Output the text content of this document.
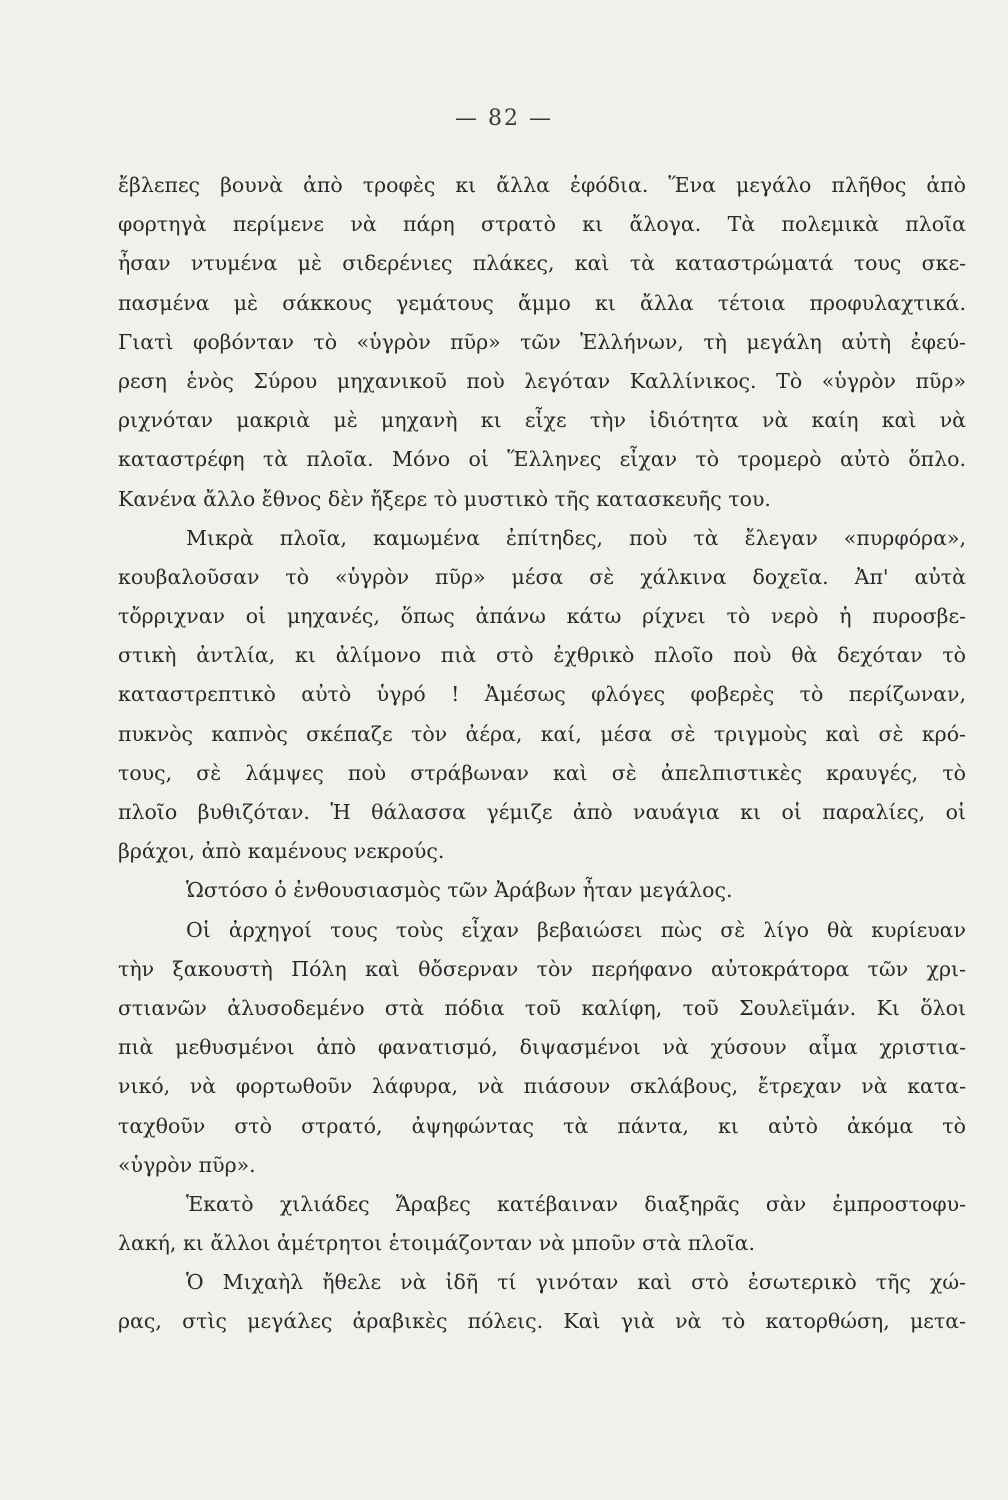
— 82 —
ἔβλεπες βουνὰ ἀπὸ τροφὲς κι ἄλλα ἐφόδια. Ἕνα μεγάλο πλῆθος ἀπὸ
φορτηγὰ περίμενε νὰ πάρη στρατὸ κι ἄλογα. Τὰ πολεμικὰ πλοῖα
ἦσαν ντυμένα μὲ σιδερένιες πλάκες, καὶ τὰ καταστρώματά τους σκε-
πασμένα μὲ σάκκους γεμάτους ἄμμο κι ἄλλα τέτοια προφυλαχτικά.
Γιατὶ φοβόνταν τὸ «ὑγρὸν πῦρ» τῶν Ἑλλήνων, τὴ μεγάλη αὐτὴ ἐφεύ-
ρεση ἑνὸς Σύρου μηχανικοῦ ποὺ λεγόταν Καλλίνικος. Τὸ «ὑγρὸν πῦρ»
ριχνόταν μακριὰ μὲ μηχανὴ κι εἶχε τὴν ἰδιότητα νὰ καίη καὶ νὰ
καταστρέφη τὰ πλοῖα. Μόνο οἱ Ἕλληνες εἶχαν τὸ τρομερὸ αὐτὸ ὅπλο.
Κανένα ἄλλο ἔθνος δὲν ἤξερε τὸ μυστικὸ τῆς κατασκευῆς του.
Μικρὰ πλοῖα, καμωμένα ἐπίτηδες, ποὺ τὰ ἔλεγαν «πυρφόρα»,
κουβαλοῦσαν τὸ «ὑγρὸν πῦρ» μέσα σὲ χάλκινα δοχεῖα. Ἀπ' αὐτὰ
τὄρριχναν οἱ μηχανές, ὅπως ἀπάνω κάτω ρίχνει τὸ νερὸ ἡ πυροσβε-
στικὴ ἀντλία, κι ἀλίμονο πιὰ στὸ ἐχθρικὸ πλοῖο ποὺ θὰ δεχόταν τὸ
καταστρεπτικὸ αὐτὸ ὑγρό ! Ἀμέσως φλόγες φοβερὲς τὸ περίζωναν,
πυκνὸς καπνὸς σκέπαζε τὸν ἀέρα, καί, μέσα σὲ τριγμοὺς καὶ σὲ κρό-
τους, σὲ λάμψες ποὺ στράβωναν καὶ σὲ ἀπελπιστικὲς κραυγές, τὸ
πλοῖο βυθιζόταν. Ἡ θάλασσα γέμιζε ἀπὸ ναυάγια κι οἱ παραλίες, οἱ
βράχοι, ἀπὸ καμένους νεκρούς.
Ὡστόσο ὁ ἐνθουσιασμὸς τῶν Ἀράβων ἦταν μεγάλος.
Οἱ ἀρχηγοί τους τοὺς εἶχαν βεβαιώσει πὼς σὲ λίγο θὰ κυρίευαν
τὴν ξακουστὴ Πόλη καὶ θὄσερναν τὸν περήφανο αὐτοκράτορα τῶν χρι-
στιανῶν ἀλυσοδεμένο στὰ πόδια τοῦ καλίφη, τοῦ Σουλεϊμάν. Κι ὅλοι
πιὰ μεθυσμένοι ἀπὸ φανατισμό, διψασμένοι νὰ χύσουν αἷμα χριστια-
νικό, νὰ φορτωθοῦν λάφυρα, νὰ πιάσουν σκλάβους, ἔτρεχαν νὰ κατα-
ταχθοῦν στὸ στρατό, ἀψηφώντας τὰ πάντα, κι αὐτὸ ἀκόμα τὸ
«ὑγρὸν πῦρ».
Ἑκατὸ χιλιάδες Ἄραβες κατέβαιναν διαξηρᾶς σὰν ἐμπροστοφυ-
λακή, κι ἄλλοι ἀμέτρητοι ἑτοιμάζονταν νὰ μποῦν στὰ πλοῖα.
Ὁ Μιχαὴλ ἤθελε νὰ ἰδῆ τί γινόταν καὶ στὸ ἐσωτερικὸ τῆς χώ-
ρας, στὶς μεγάλες ἀραβικὲς πόλεις. Καὶ γιὰ νὰ τὸ κατορθώση, μετα-
